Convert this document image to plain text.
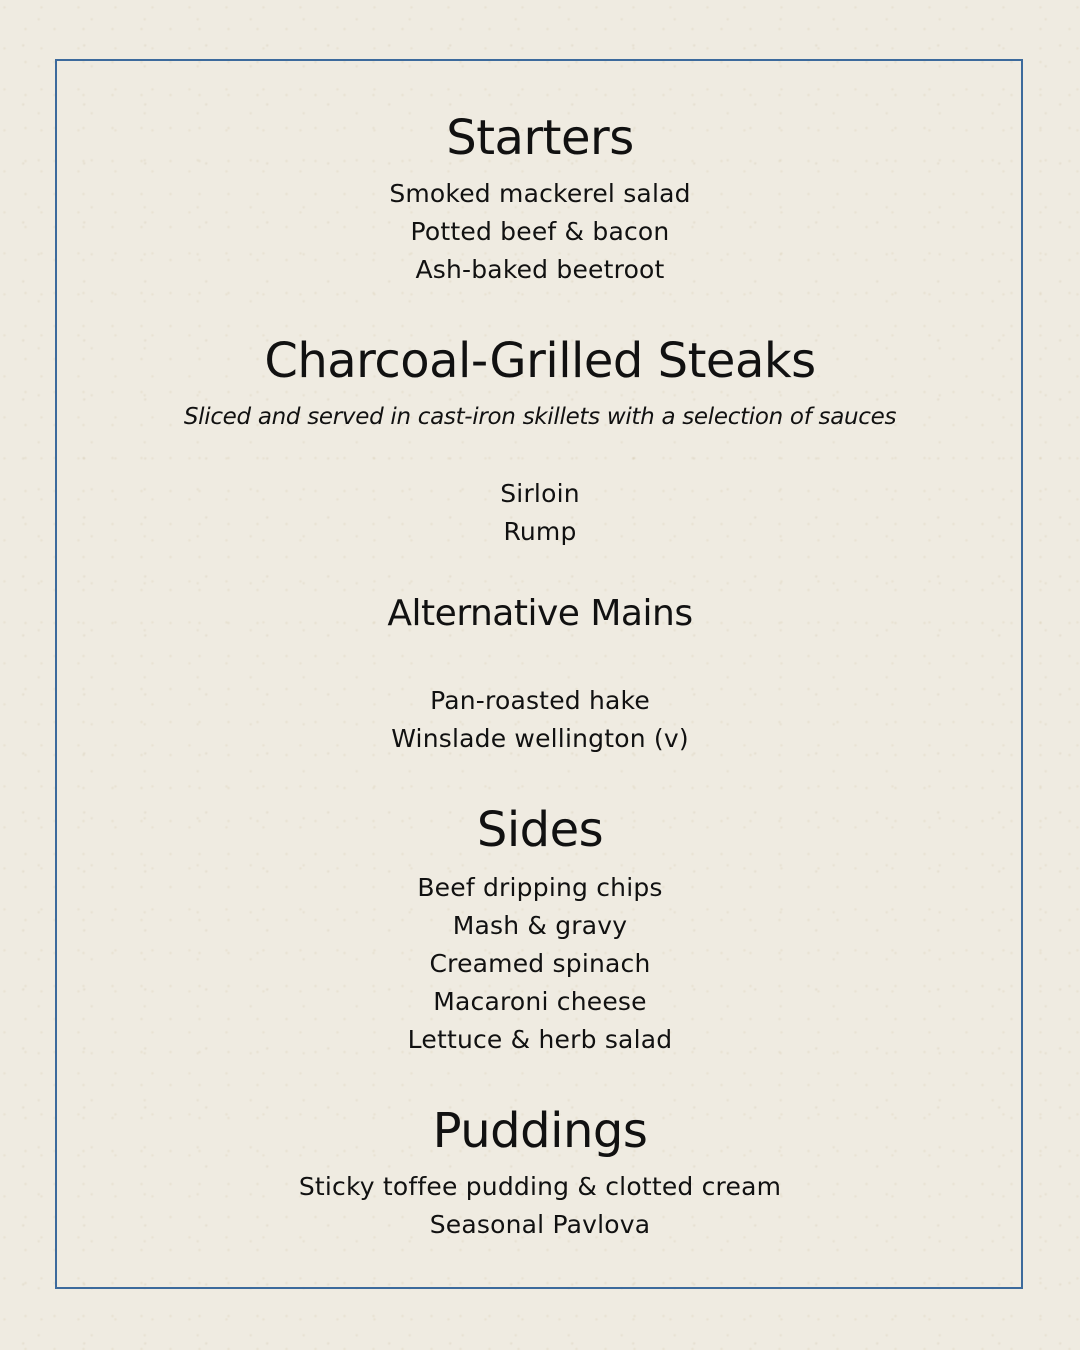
Starters
Smoked mackerel salad
Potted beef & bacon
Ash-baked beetroot
Charcoal-Grilled Steaks

Sliced and served in cast-iron skillets with a selection of sauces

Sirloin
Rump
Alternative Mains
Pan-roasted hake
Winslade wellington (v)
Sides
Beef dripping chips
Mash & gravy
Creamed spinach
Macaroni cheese
Lettuce & herb salad
Puddings
Sticky toffee pudding & clotted cream
Seasonal Pavlova
